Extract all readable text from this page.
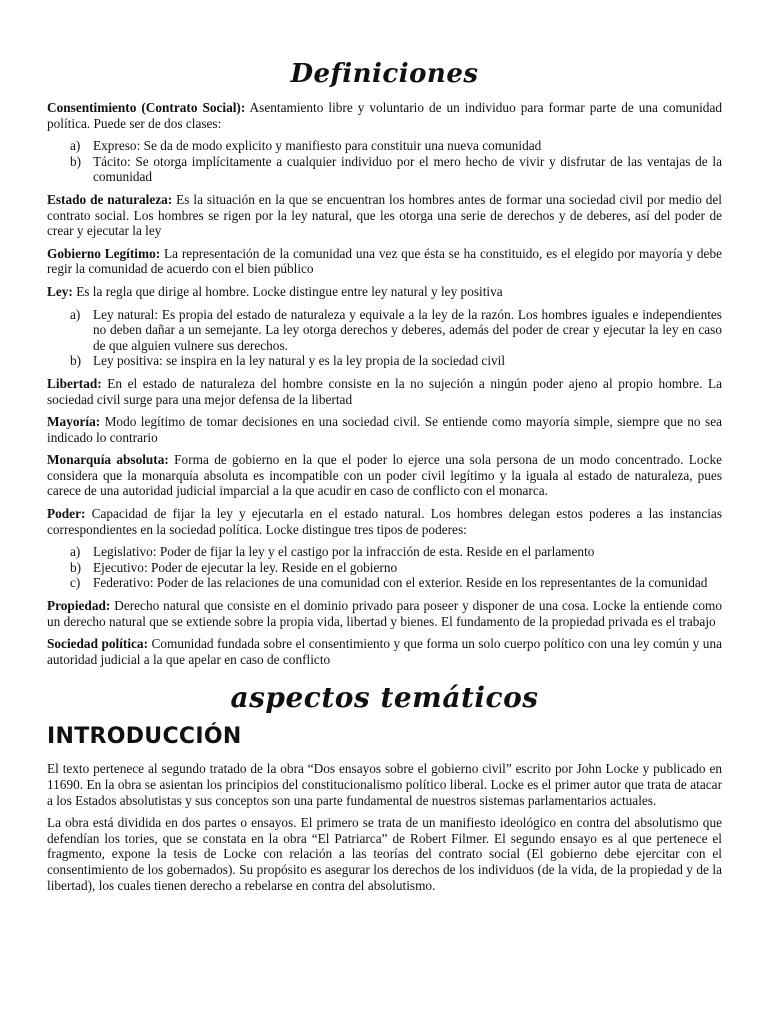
Definiciones

Consentimiento (Contrato Social): Asentamiento libre y voluntario de un individuo para formar parte de una comunidad política. Puede ser de dos clases:

a) Expreso: Se da de modo explicito y manifiesto para constituir una nueva comunidad
b) Tácito: Se otorga implícitamente a cualquier individuo por el mero hecho de vivir y disfrutar de las ventajas de la comunidad

Estado de naturaleza: Es la situación en la que se encuentran los hombres antes de formar una sociedad civil por medio del contrato social. Los hombres se rigen por la ley natural, que les otorga una serie de derechos y de deberes, así del poder de crear y ejecutar la ley

Gobierno Legítimo: La representación de la comunidad una vez que ésta se ha constituido, es el elegido por mayoría y debe regir la comunidad de acuerdo con el bien público

Ley: Es la regla que dirige al hombre. Locke distingue entre ley natural y ley positiva

a) Ley natural: Es propia del estado de naturaleza y equivale a la ley de la razón. Los hombres iguales e independientes no deben dañar a un semejante. La ley otorga derechos y deberes, además del poder de crear y ejecutar la ley en caso de que alguien vulnere sus derechos.
b) Ley positiva: se inspira en la ley natural y es la ley propia de la sociedad civil

Libertad: En el estado de naturaleza del hombre consiste en la no sujeción a ningún poder ajeno al propio hombre. La sociedad civil surge para una mejor defensa de la libertad

Mayoría: Modo legítimo de tomar decisiones en una sociedad civil. Se entiende como mayoría simple, siempre que no sea indicado lo contrario

Monarquía absoluta: Forma de gobierno en la que el poder lo ejerce una sola persona de un modo concentrado. Locke considera que la monarquía absoluta es incompatible con un poder civil legítimo y la iguala al estado de naturaleza, pues carece de una autoridad judicial imparcial a la que acudir en caso de conflicto con el monarca.

Poder: Capacidad de fijar la ley y ejecutarla en el estado natural. Los hombres delegan estos poderes a las instancias correspondientes en la sociedad política. Locke distingue tres tipos de poderes:

a) Legislativo: Poder de fijar la ley y el castigo por la infracción de esta. Reside en el parlamento
b) Ejecutivo: Poder de ejecutar la ley. Reside en el gobierno
c) Federativo: Poder de las relaciones de una comunidad con el exterior. Reside en los representantes de la comunidad

Propiedad: Derecho natural que consiste en el dominio privado para poseer y disponer de una cosa. Locke la entiende como un derecho natural que se extiende sobre la propia vida, libertad y bienes. El fundamento de la propiedad privada es el trabajo

Sociedad política: Comunidad fundada sobre el consentimiento y que forma un solo cuerpo político con una ley común y una autoridad judicial a la que apelar en caso de conflicto

aspectos temáticos
INTRODUCCIÓN

El texto pertenece al segundo tratado de la obra “Dos ensayos sobre el gobierno civil” escrito por John Locke y publicado en 11690. En la obra se asientan los principios del constitucionalismo político liberal. Locke es el primer autor que trata de atacar a los Estados absolutistas y sus conceptos son una parte fundamental de nuestros sistemas parlamentarios actuales.

La obra está dividida en dos partes o ensayos. El primero se trata de un manifiesto ideológico en contra del absolutismo que defendían los tories, que se constata en la obra “El Patriarca” de Robert Filmer. El segundo ensayo es al que pertenece el fragmento, expone la tesis de Locke con relación a las teorías del contrato social (El gobierno debe ejercitar con el consentimiento de los gobernados). Su propósito es asegurar los derechos de los individuos (de la vida, de la propiedad y de la libertad), los cuales tienen derecho a rebelarse en contra del absolutismo.
